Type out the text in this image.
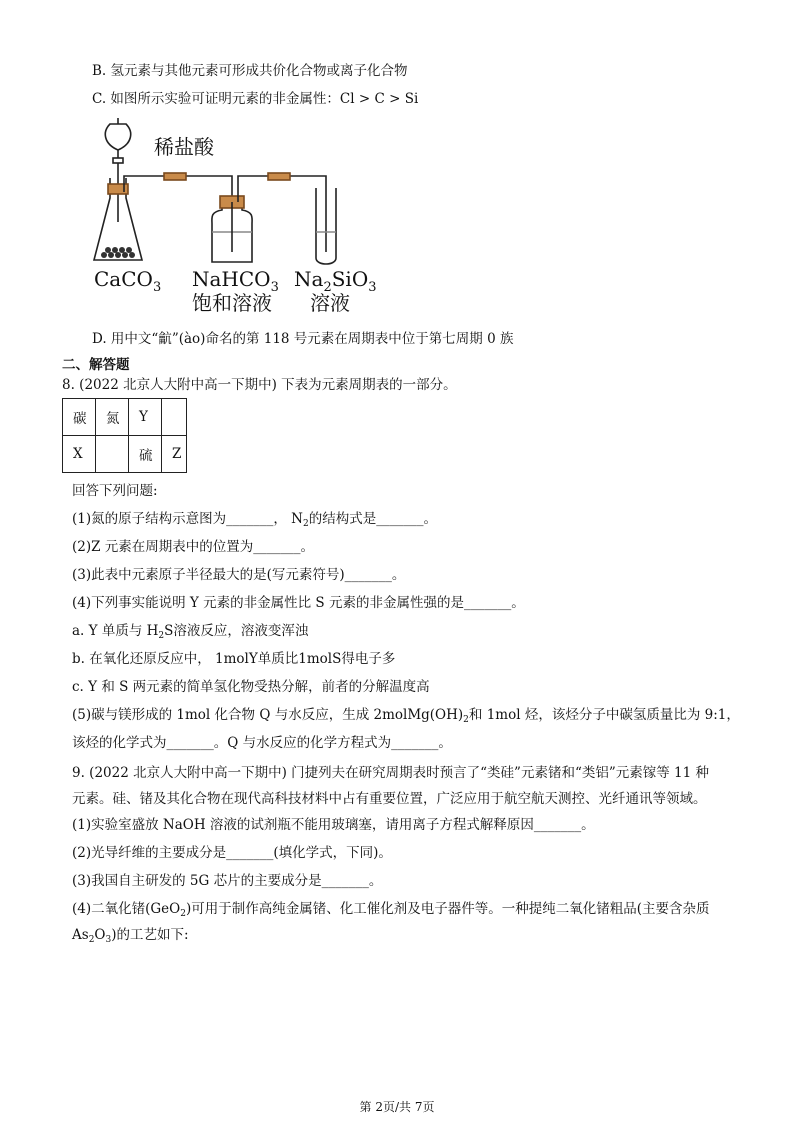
B. 氢元素与其他元素可形成共价化合物或离子化合物
C. 如图所示实验可证明元素的非金属性：Cl > C > Si
稀盐酸
CaCO$_3$ NaHCO$_3$
饱和溶液
$Na_2SiO_3$
溶液
D. 用中文“䶳”(ào)命名的第 118 号元素在周期表中位于第七周期 0 族
二、解答题
8. (2022 北京人大附中高一下期中) 下表为元素周期表的一部分。
碳	氮	Y	
X		硫	Z
回答下列问题:
(1)氮的原子结构示意图为_______， $N_2$的结构式是_______。
(2)Z 元素在周期表中的位置为_______。
(3)此表中元素原子半径最大的是(写元素符号)_______。
(4)下列事实能说明 Y 元素的非金属性比 S 元素的非金属性强的是_______。
a. Y 单质与 $H_2S$溶液反应，溶液变浑浊
b. 在氧化还原反应中， 1molY单质比1molS得电子多
c. Y 和 S 两元素的简单氢化物受热分解，前者的分解温度高
(5)碳与镁形成的 1mol 化合物 Q 与水反应，生成 $2molMg(OH)_2$和 1mol 烃，该烃分子中碳氢质量比为 9:1，
该烃的化学式为_______。Q 与水反应的化学方程式为_______。
9. (2022 北京人大附中高一下期中) 门捷列夫在研究周期表时预言了“类硅”元素锗和“类铝”元素镓等 11 种
元素。硅、锗及其化合物在现代高科技材料中占有重要位置，广泛应用于航空航天测控、光纤通讯等领域。
(1)实验室盛放 NaOH 溶液的试剂瓶不能用玻璃塞，请用离子方程式解释原因_______。
(2)光导纤维的主要成分是_______(填化学式，下同)。
(3)我国自主研发的 5G 芯片的主要成分是_______。
(4)二氧化锗(GeO$_2$)可用于制作高纯金属锗、化工催化剂及电子器件等。一种提纯二氧化锗粗品(主要含杂质
$As_2O_3$)的工艺如下:
第 2页/共 7页
